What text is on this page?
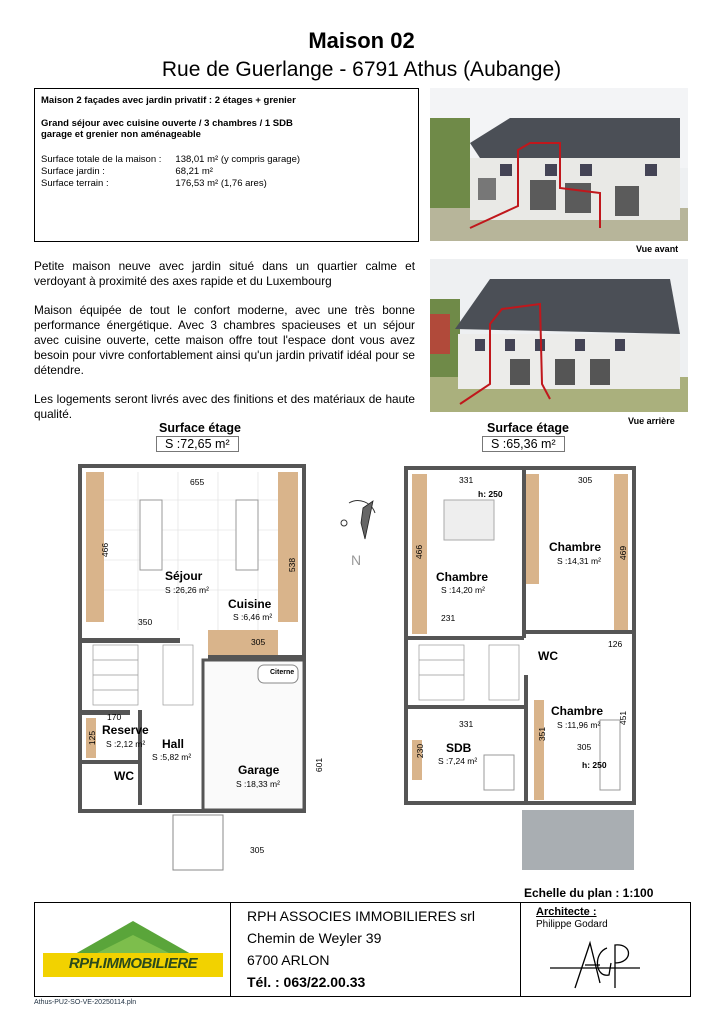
Maison 02
Rue de Guerlange - 6791 Athus (Aubange)
Maison 2 façades avec jardin privatif : 2 étages + grenier
Grand séjour avec cuisine ouverte / 3 chambres / 1 SDB
garage et grenier non aménageable
Surface totale de la maison :	138,01 m² (y compris garage)
Surface jardin :	68,21 m²
Surface terrain :	176,53 m² (1,76 ares)
Vue avant
Vue arrière

Petite maison neuve avec jardin situé dans un quartier calme et verdoyant à proximité des axes rapide et du Luxembourg

Maison équipée de tout le confort moderne, avec une très bonne performance énergétique. Avec 3 chambres spacieuses et un séjour avec cuisine ouverte, cette maison offre tout l'espace dont vous avez besoin pour vivre confortablement ainsi qu'un jardin privatif idéal pour se détendre.

Les logements seront livrés avec des finitions et des matériaux de haute qualité.

Surface étage
S :72,65 m²
Surface étage
S :65,36 m²
655
466
538
Séjour
S :26,26 m²
350
Cuisine
S :6,46 m²
305
Citerne
170
125
Reserve
S :2,12 m² Hall
S :5,82 m²
WC	Garage
S :18,33 m²
601
305
N
331	305
h: 250
466	469
Chambre
S :14,31 m²
Chambre
S :14,20 m²
231
126
WC
Chambre
S :11,96 m²
331
351
451
305
SDB
S :7,24 m²
230
h: 250
Echelle du plan : 1:100
RPH.IMMOBILIERE
RPH ASSOCIES IMMOBILIERES srl
Chemin de Weyler 39
6700 ARLON
Tél. : 063/22.00.33
Architecte :
Philippe Godard
Athus-PU2-SO-VE-20250114.pln
